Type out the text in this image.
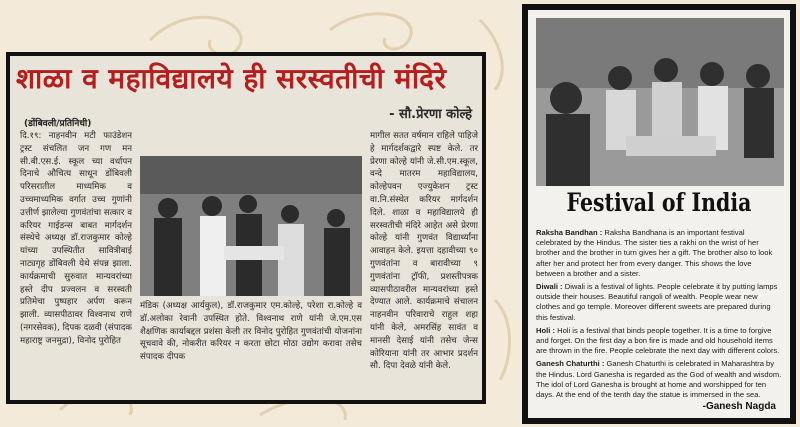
शाळा व महाविद्यालये ही सरस्वतीची मंदिरे
- सौ.प्रेरणा कोल्हे
(डोंबिवली/प्रतिनिधी)
दि.१९: नाहनवीन मटी फाउंडेशन ट्रस्ट संचलित जन गण मन सी.बी.एस.ई. स्कूल च्या वर्धापन दिनाचे औचित्य साधून डोंबिवली परिसरातील माध्यमिक व उच्चमाध्यमिक वर्गात उच्च गुणांनी उत्तीर्ण झालेल्या गुणवंतांचा सत्कार व करियर गाईडन्स बाबत मार्गदर्शन संस्थेचे अध्यक्ष डॉ.राजकुमार कोल्हे यांच्या उपस्थितीत सावित्रीबाई नाट्यगृह डोंबिवली येथे संपन्न झाला. कार्यक्रमाची सुरुवात मान्यवरांच्या हस्ते दीप प्रज्वलन व सरस्वती प्रतिमेचा पुष्पहार अर्पण करून झाली. व्यासपीठावर विश्वनाथ राणे (नगरसेवक), दिपक दळवी (संपादक महाराष्ट्र जनमुद्रा), विनोद पुरोहित
मंडिक (अध्यक्ष आर्यकुल), डॉ.राजकुमार एम.कोल्हे, परेशा रा.कोल्हे व डॉ.अलोका रेवानी उपस्थित होते. विश्वनाथ राणे यांनी जे.एम.एस शैक्षणिक कार्याबद्दल प्रशंसा केली तर विनोद पुरोहित गुणवंतांची योजनांना सूचवावे की, नोकरीत करियर न करता छोटा मोठा उद्योग करावा तसेच संपादक दीपक
मागील सतत वर्षमान राहिले पाहिजे हे मार्गदर्शकद्वारे स्पष्ट केले. तर प्रेरणा कोल्हे यांनी जे.सी.एम.स्कूल, वन्दे मातरम महाविद्यालय, कोल्हेपवन एज्युकेशन ट्रस्ट वा.नि.संस्थेत करियर मार्गदर्शन दिले. शाळा व महाविद्यालये ही सरस्वतीची मंदिरे आहेत असे प्रेरणा कोल्हे यांनी गुणवंत विद्यार्थ्यांना आवाहन केले. इयत्ता दहावीच्या ९० गुणवंतांना व बारावीच्या ९ गुणवंतांना ट्रॉफी, प्रशस्तीपत्रक व्यासपीठावरील मान्यवरांच्या हस्ते देण्यात आले. कार्यक्रमाचे संचालन नाहनवीन परिवाराचे राहुल शहा यांनी केले, अमरसिंह सावंत व मानसी देसाई यांनी तसेच जेन्स कोरियाना यांनी तर आभार प्रदर्शन सौ. दिपा देवळे यांनी केले.
Festival of India

Raksha Bandhan : Raksha Bandhana is an important festival celebrated by the Hindus. The sister ties a rakhi on the wrist of her brother and the brother in turn gives her a gift. The brother also to look after her and protect her from every danger. This shows the love between a brother and a sister.

Diwali : Diwali is a festival of lights. People celebrate it by putting lamps outside their houses. Beautiful rangoli of wealth. People wear new clothes and go temple. Moreover different sweets are prepared during this festival.

Holi : Holi is a festival that binds people together. It is a time to forgive and forget. On the first day a bon fire is made and old household items are thrown in the fire. People celebrate the next day with different colors.

Ganesh Chaturthi : Ganesh Chaturthi is celebrated in Maharashtra by the Hindus. Lord Ganesha is regarded as the God of wealth and wisdom. The idol of Lord Ganesha is brought at home and worshipped for ten days. At the end of the tenth day the statue is immersed in the sea.

-Ganesh Nagda
